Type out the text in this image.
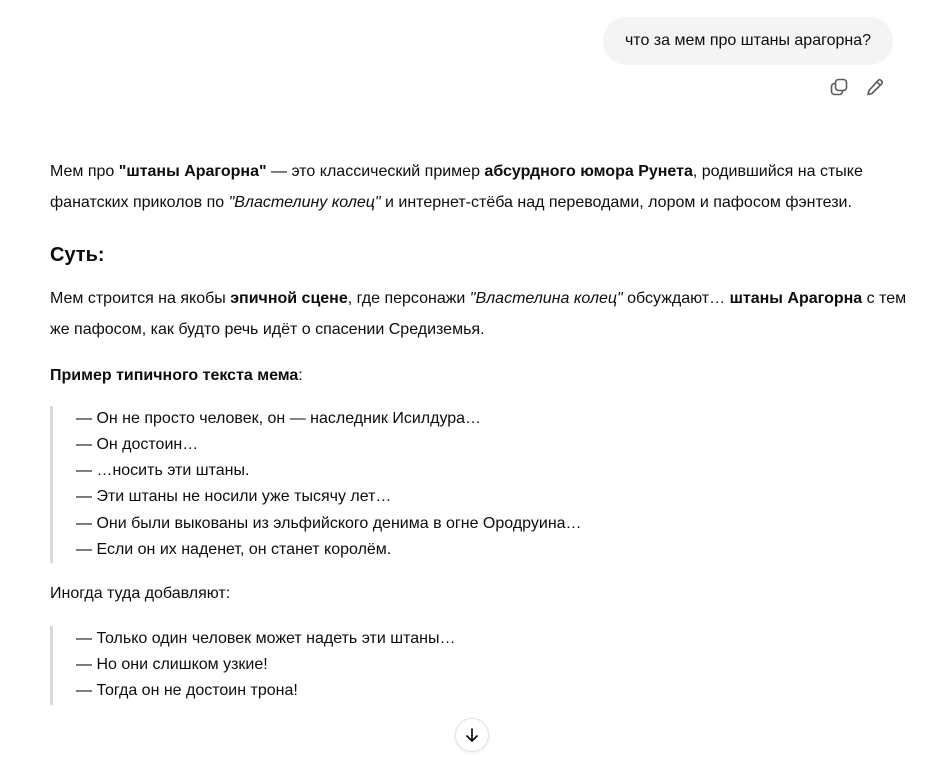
что за мем про штаны арагорна?

Мем про "штаны Арагорна" — это классический пример абсурдного юмора Рунета, родившийся на стыке фанатских приколов по "Властелину колец" и интернет-стёба над переводами, лором и пафосом фэнтези.

Суть:

Мем строится на якобы эпичной сцене, где персонажи "Властелина колец" обсуждают… штаны Арагорна с тем же пафосом, как будто речь идёт о спасении Средиземья.

Пример типичного текста мема:

— Он не просто человек, он — наследник Исилдура…
— Он достоин…
— …носить эти штаны.
— Эти штаны не носили уже тысячу лет…
— Они были выкованы из эльфийского денима в огне Ородруина…
— Если он их наденет, он станет королём.

Иногда туда добавляют:

— Только один человек может надеть эти штаны…
— Но они слишком узкие!
— Тогда он не достоин трона!
